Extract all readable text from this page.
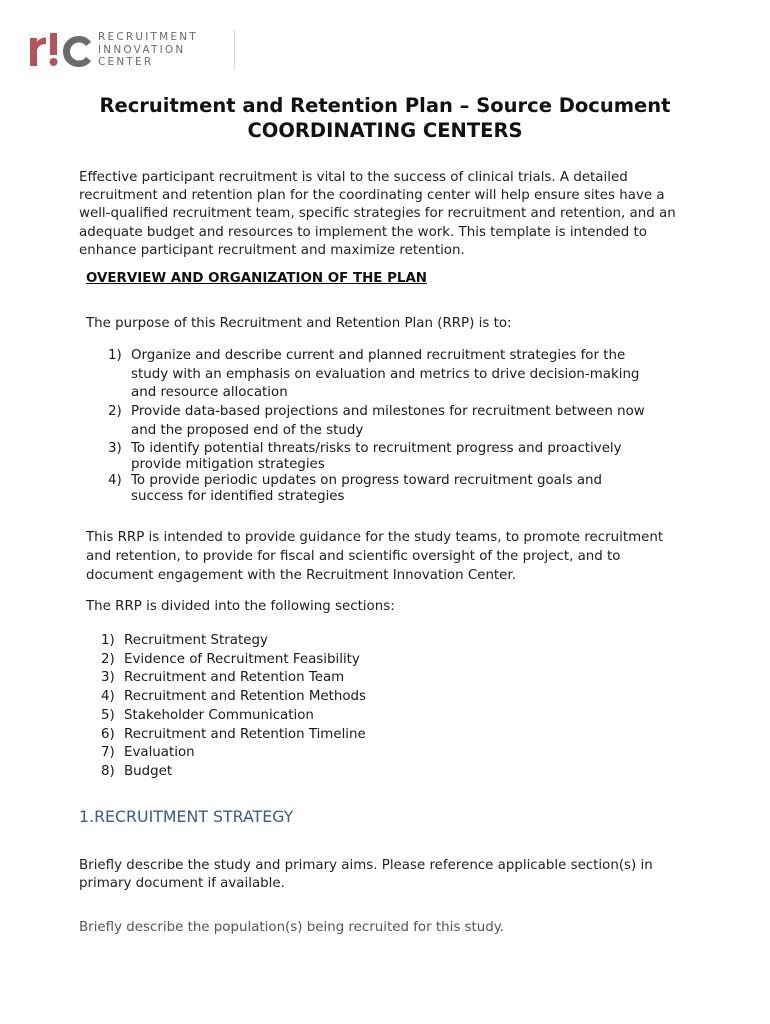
RECRUITMENT
INNOVATION
CENTER
Recruitment and Retention Plan – Source Document
COORDINATING CENTERS
Effective participant recruitment is vital to the success of clinical trials. A detailed recruitment and retention plan for the coordinating center will help ensure sites have a well-qualified recruitment team, specific strategies for recruitment and retention, and an adequate budget and resources to implement the work. This template is intended to enhance participant recruitment and maximize retention.
OVERVIEW AND ORGANIZATION OF THE PLAN
The purpose of this Recruitment and Retention Plan (RRP) is to:
1) Organize and describe current and planned recruitment strategies for the study with an emphasis on evaluation and metrics to drive decision-making and resource allocation
2) Provide data-based projections and milestones for recruitment between now and the proposed end of the study
3) To identify potential threats/risks to recruitment progress and proactively provide mitigation strategies
4) To provide periodic updates on progress toward recruitment goals and success for identified strategies
This RRP is intended to provide guidance for the study teams, to promote recruitment and retention, to provide for fiscal and scientific oversight of the project, and to document engagement with the Recruitment Innovation Center.
The RRP is divided into the following sections:
1) Recruitment Strategy
2) Evidence of Recruitment Feasibility
3) Recruitment and Retention Team
4) Recruitment and Retention Methods
5) Stakeholder Communication
6) Recruitment and Retention Timeline
7) Evaluation
8) Budget
1.RECRUITMENT STRATEGY
Briefly describe the study and primary aims. Please reference applicable section(s) in primary document if available.
Briefly describe the population(s) being recruited for this study.
